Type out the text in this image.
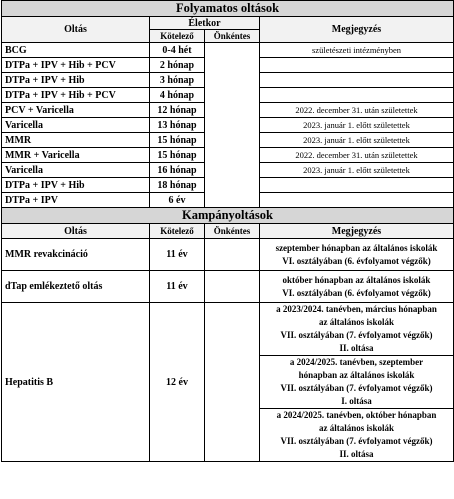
Folyamatos oltások			
Oltás	Életkor		Megjegyzés
	Kötelező	Önkéntes	
BCG	0-4 hét		születészeti intézményben
DTPa + IPV + Hib + PCV	2 hónap		
DTPa + IPV + Hib	3 hónap		
DTPa + IPV + Hib + PCV	4 hónap		
PCV + Varicella	12 hónap		2022. december 31. után születettek
Varicella	13 hónap		2023. január 1. előtt születettek
MMR	15 hónap		2023. január 1. előtt születettek
MMR + Varicella	15 hónap		2022. december 31. után születettek
Varicella	16 hónap		2023. január 1. előtt születettek
DTPa + IPV + Hib	18 hónap		
DTPa + IPV	6 év		
Kampányoltások			
Oltás	Kötelező	Önkéntes	Megjegyzés
MMR revakcináció	11 év		szeptember hónapban az általános iskolák
VI. osztályában (6. évfolyamot végzők)

dTap emlékeztető oltás	11 év		október hónapban az általános iskolák
VI. osztályában (6. évfolyamot végzők)

Hepatitis B	12 év		a 2023/2024. tanévben, március hónapban
az általános iskolák
VII. osztályában (7. évfolyamot végzők)
II. oltása

			a 2024/2025. tanévben, szeptember
hónapban az általános iskolák
VII. osztályában (7. évfolyamot végzők)
I. oltása

			a 2024/2025. tanévben, október hónapban
az általános iskolák
VII. osztályában (7. évfolyamot végzők)
II. oltása
